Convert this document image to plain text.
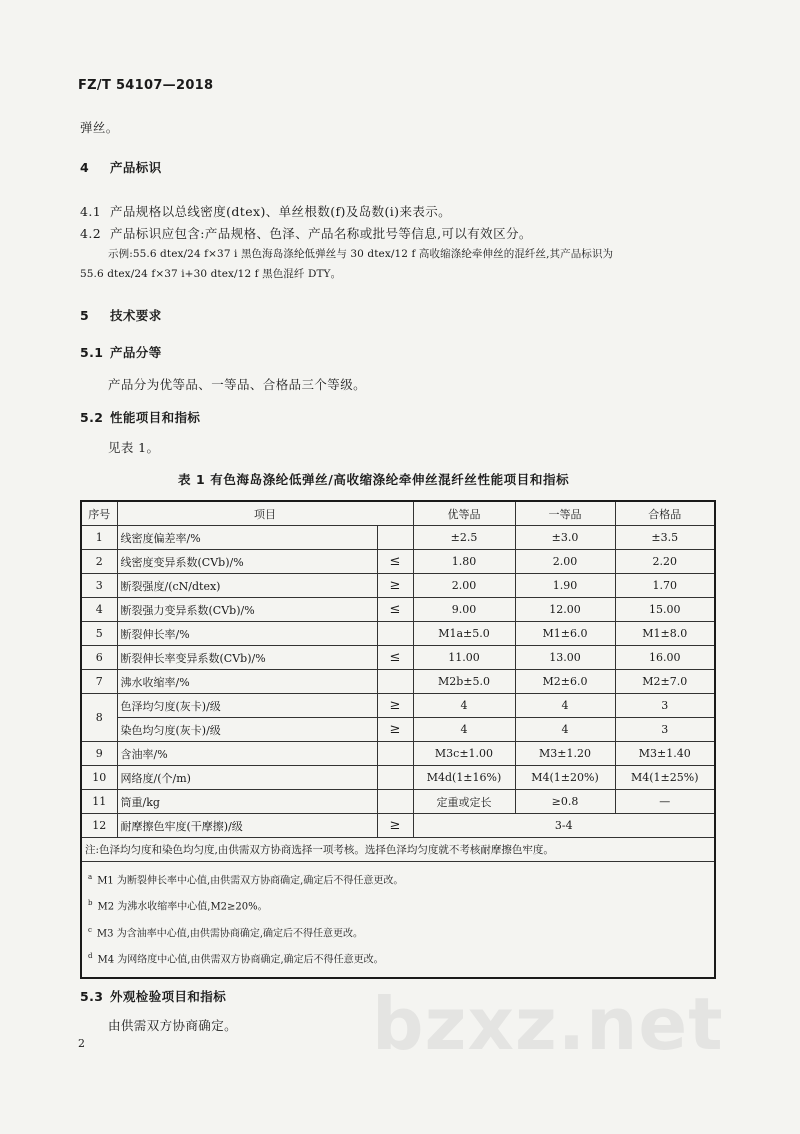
FZ/T 54107—2018
弹丝。
4 产品标识
4.1 产品规格以总线密度(dtex)、单丝根数(f)及岛数(i)来表示。
4.2 产品标识应包含:产品规格、色泽、产品名称或批号等信息,可以有效区分。
示例:55.6 dtex/24 f×37 i 黑色海岛涤纶低弹丝与 30 dtex/12 f 高收缩涤纶牵伸丝的混纤丝,其产品标识为
55.6 dtex/24 f×37 i+30 dtex/12 f 黑色混纤 DTY。
5 技术要求
5.1 产品分等
产品分为优等品、一等品、合格品三个等级。
5.2 性能项目和指标
见表 1。
表 1 有色海岛涤纶低弹丝/高收缩涤纶牵伸丝混纤丝性能项目和指标
序号	项目		优等品	一等品	合格品
1	线密度偏差率/%		±2.5	±3.0	±3.5
2	线密度变异系数(CVb)/%	≤	1.80	2.00	2.20
3	断裂强度/(cN/dtex)	≥	2.00	1.90	1.70
4	断裂强力变异系数(CVb)/%	≤	9.00	12.00	15.00
5	断裂伸长率/%		M1a±5.0	M1±6.0	M1±8.0
6	断裂伸长率变异系数(CVb)/%	≤	11.00	13.00	16.00
7	沸水收缩率/%		M2b±5.0	M2±6.0	M2±7.0
8	色泽均匀度(灰卡)/级	≥	4	4	3
	染色均匀度(灰卡)/级	≥	4	4	3
9	含油率/%		M3c±1.00	M3±1.20	M3±1.40
10	网络度/(个/m)		M4d(1±16%)	M4(1±20%)	M4(1±25%)
11	筒重/kg		定重或定长	≥0.8	—
12	耐摩擦色牢度(干摩擦)/级	≥	3-4		
注:色泽均匀度和染色均匀度,由供需双方协商选择一项考核。选择色泽均匀度就不考核耐摩擦色牢度。					

$^a$ M1 为断裂伸长率中心值,由供需双方协商确定,确定后不得任意更改。
$^b$ M2 为沸水收缩率中心值,M2≥20%。
$^c$ M3 为含油率中心值,由供需协商确定,确定后不得任意更改。
$^d$ M4 为网络度中心值,由供需双方协商确定,确定后不得任意更改。					
5.3 外观检验项目和指标
由供需双方协商确定。
2	bzxz.net
